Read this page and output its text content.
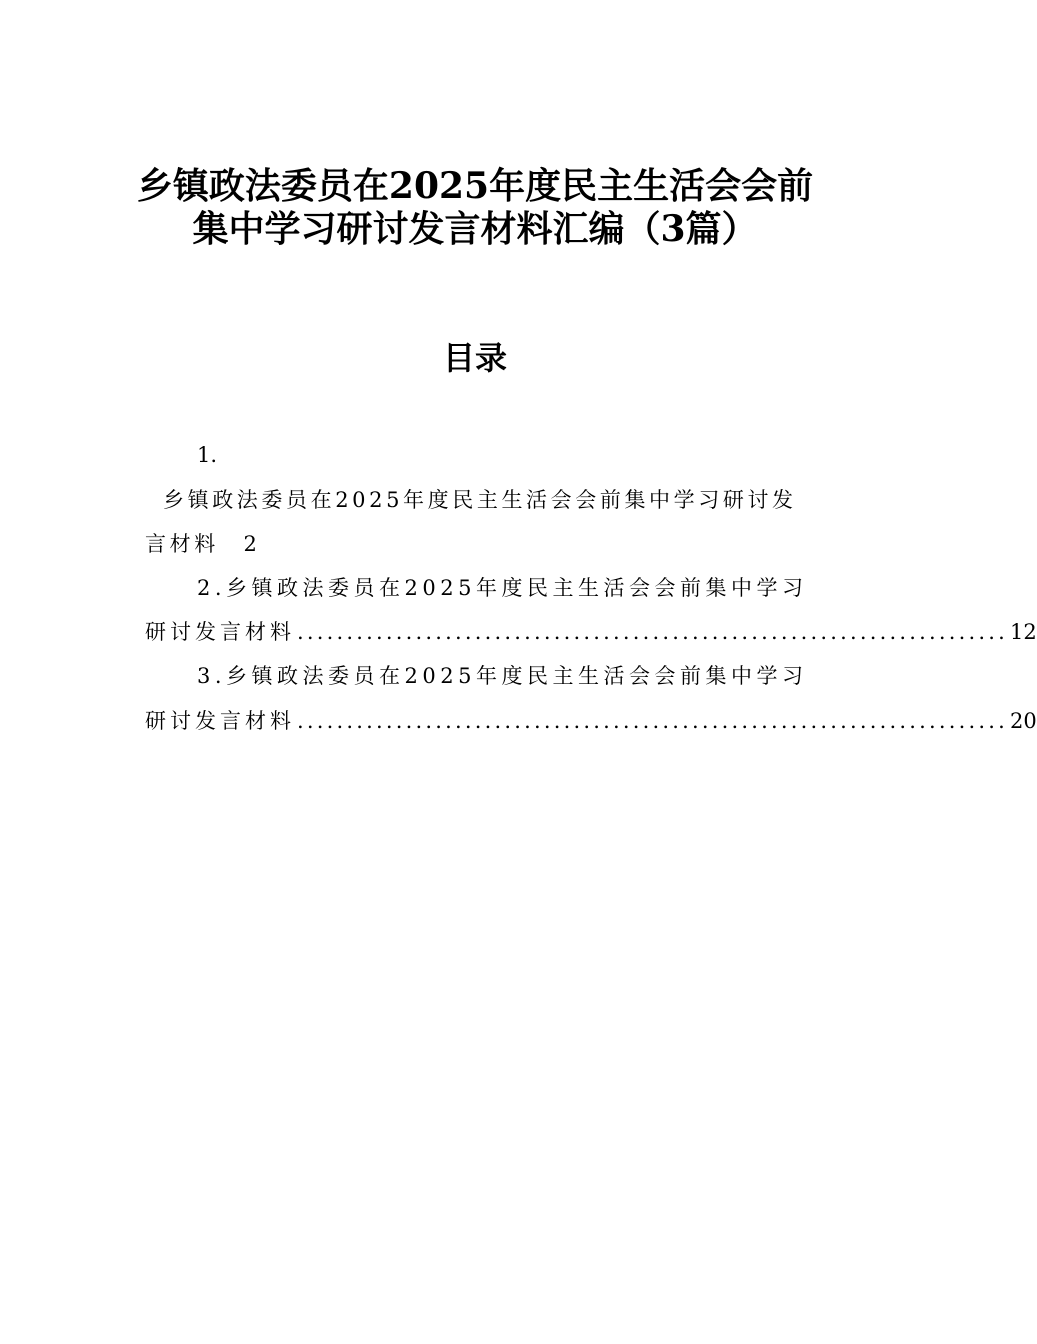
乡镇政法委员在2025年度民主生活会会前
集中学习研讨发言材料汇编（3篇）
目录
1.
乡镇政法委员在2025年度民主生活会会前集中学习研讨发
言材料 2
2.乡镇政法委员在2025年度民主生活会会前集中学习
研讨发言材料 ........................................................................ 12
3.乡镇政法委员在2025年度民主生活会会前集中学习
研讨发言材料 ........................................................................ 20
